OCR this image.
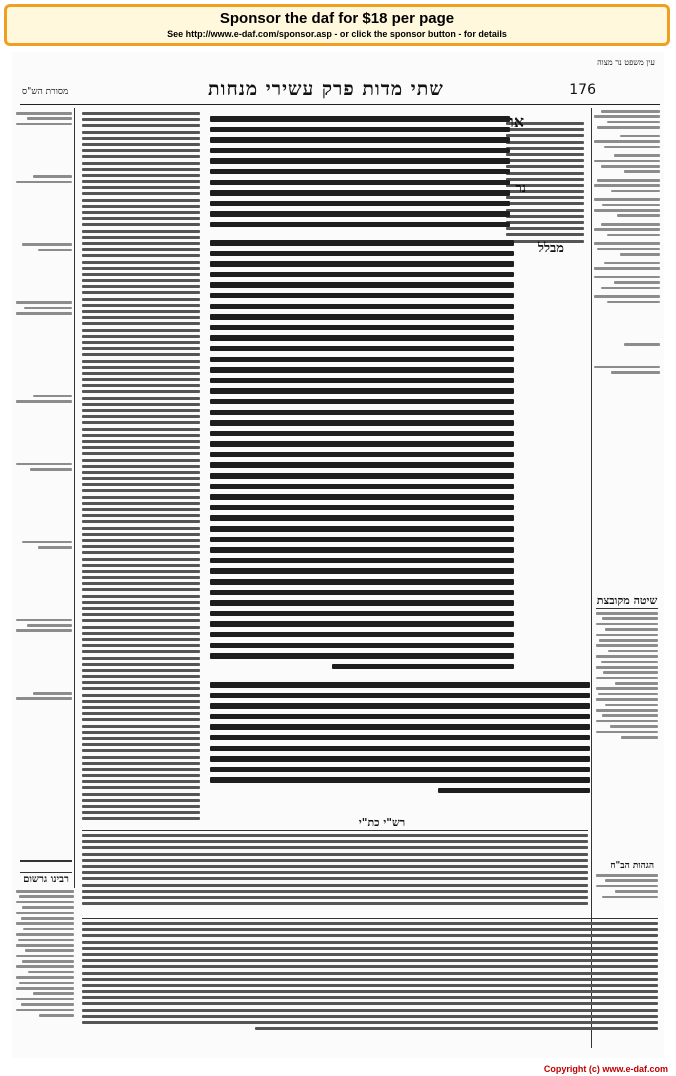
Sponsor the daf for $18 per page
See http://www.e-daf.com/sponsor.asp - or click the sponsor button - for details
עין משפט נר מצוה
176
שתי מדות פרק עשירי מנחות
מסורת הש"ס
שיטה מקובצת
הגהות הב"ח
רבינו גרשום
נר
מבלל
או
רש"י כת"י
Copyright (c) www.e-daf.com
